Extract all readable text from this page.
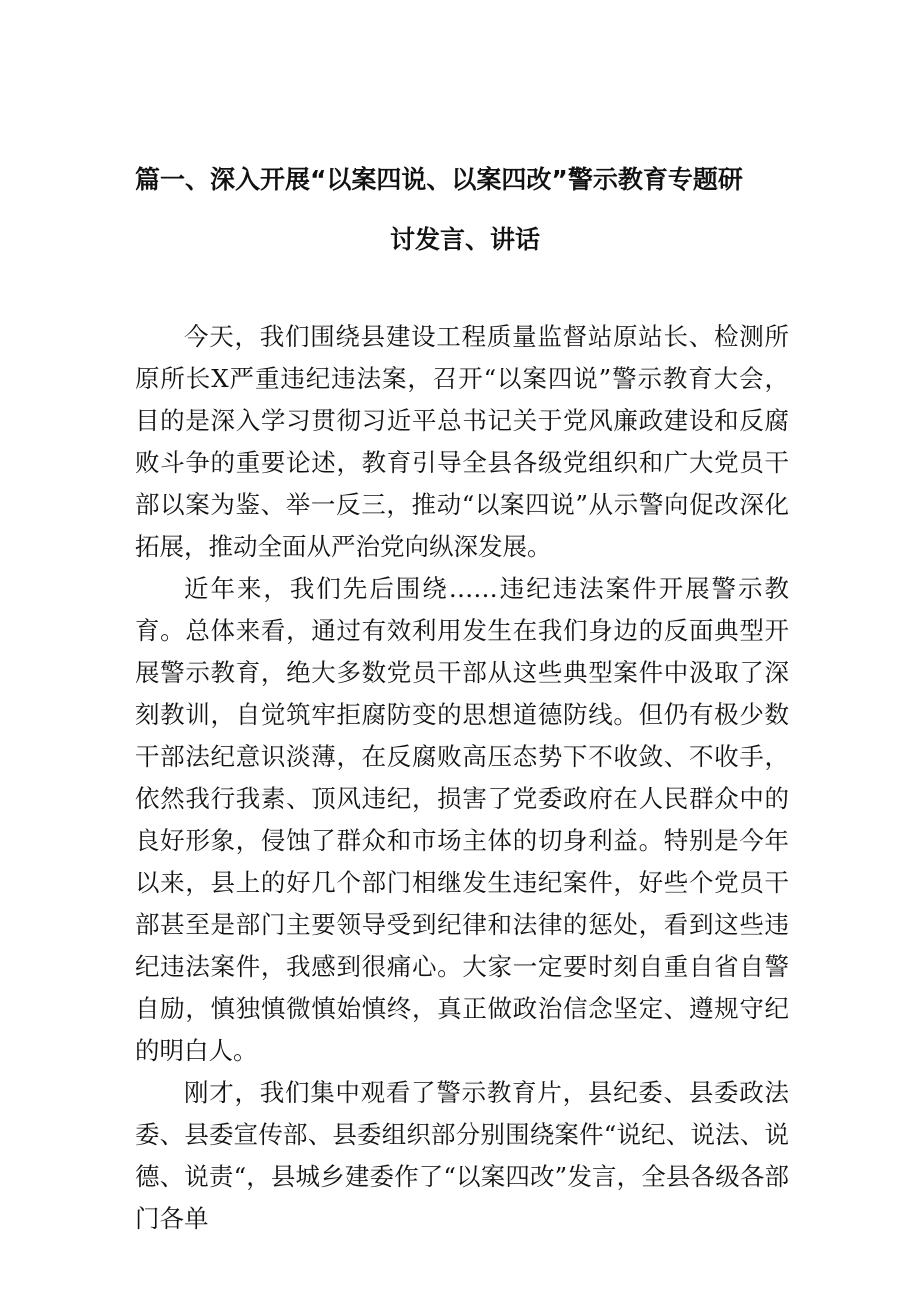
篇一、深入开展“以案四说、以案四改”警示教育专题研
讨发言、讲话

今天，我们围绕县建设工程质量监督站原站长、检测所原所长X严重违纪违法案，召开“以案四说”警示教育大会，目的是深入学习贯彻习近平总书记关于党风廉政建设和反腐败斗争的重要论述，教育引导全县各级党组织和广大党员干部以案为鉴、举一反三，推动“以案四说”从示警向促改深化拓展，推动全面从严治党向纵深发展。

近年来，我们先后围绕……违纪违法案件开展警示教育。总体来看，通过有效利用发生在我们身边的反面典型开展警示教育，绝大多数党员干部从这些典型案件中汲取了深刻教训，自觉筑牢拒腐防变的思想道德防线。但仍有极少数干部法纪意识淡薄，在反腐败高压态势下不收敛、不收手，依然我行我素、顶风违纪，损害了党委政府在人民群众中的良好形象，侵蚀了群众和市场主体的切身利益。特别是今年以来，县上的好几个部门相继发生违纪案件，好些个党员干部甚至是部门主要领导受到纪律和法律的惩处，看到这些违纪违法案件，我感到很痛心。大家一定要时刻自重自省自警自励，慎独慎微慎始慎终，真正做政治信念坚定、遵规守纪的明白人。

刚才，我们集中观看了警示教育片，县纪委、县委政法委、县委宣传部、县委组织部分别围绕案件“说纪、说法、说德、说责“，县城乡建委作了“以案四改”发言，全县各级各部门各单
